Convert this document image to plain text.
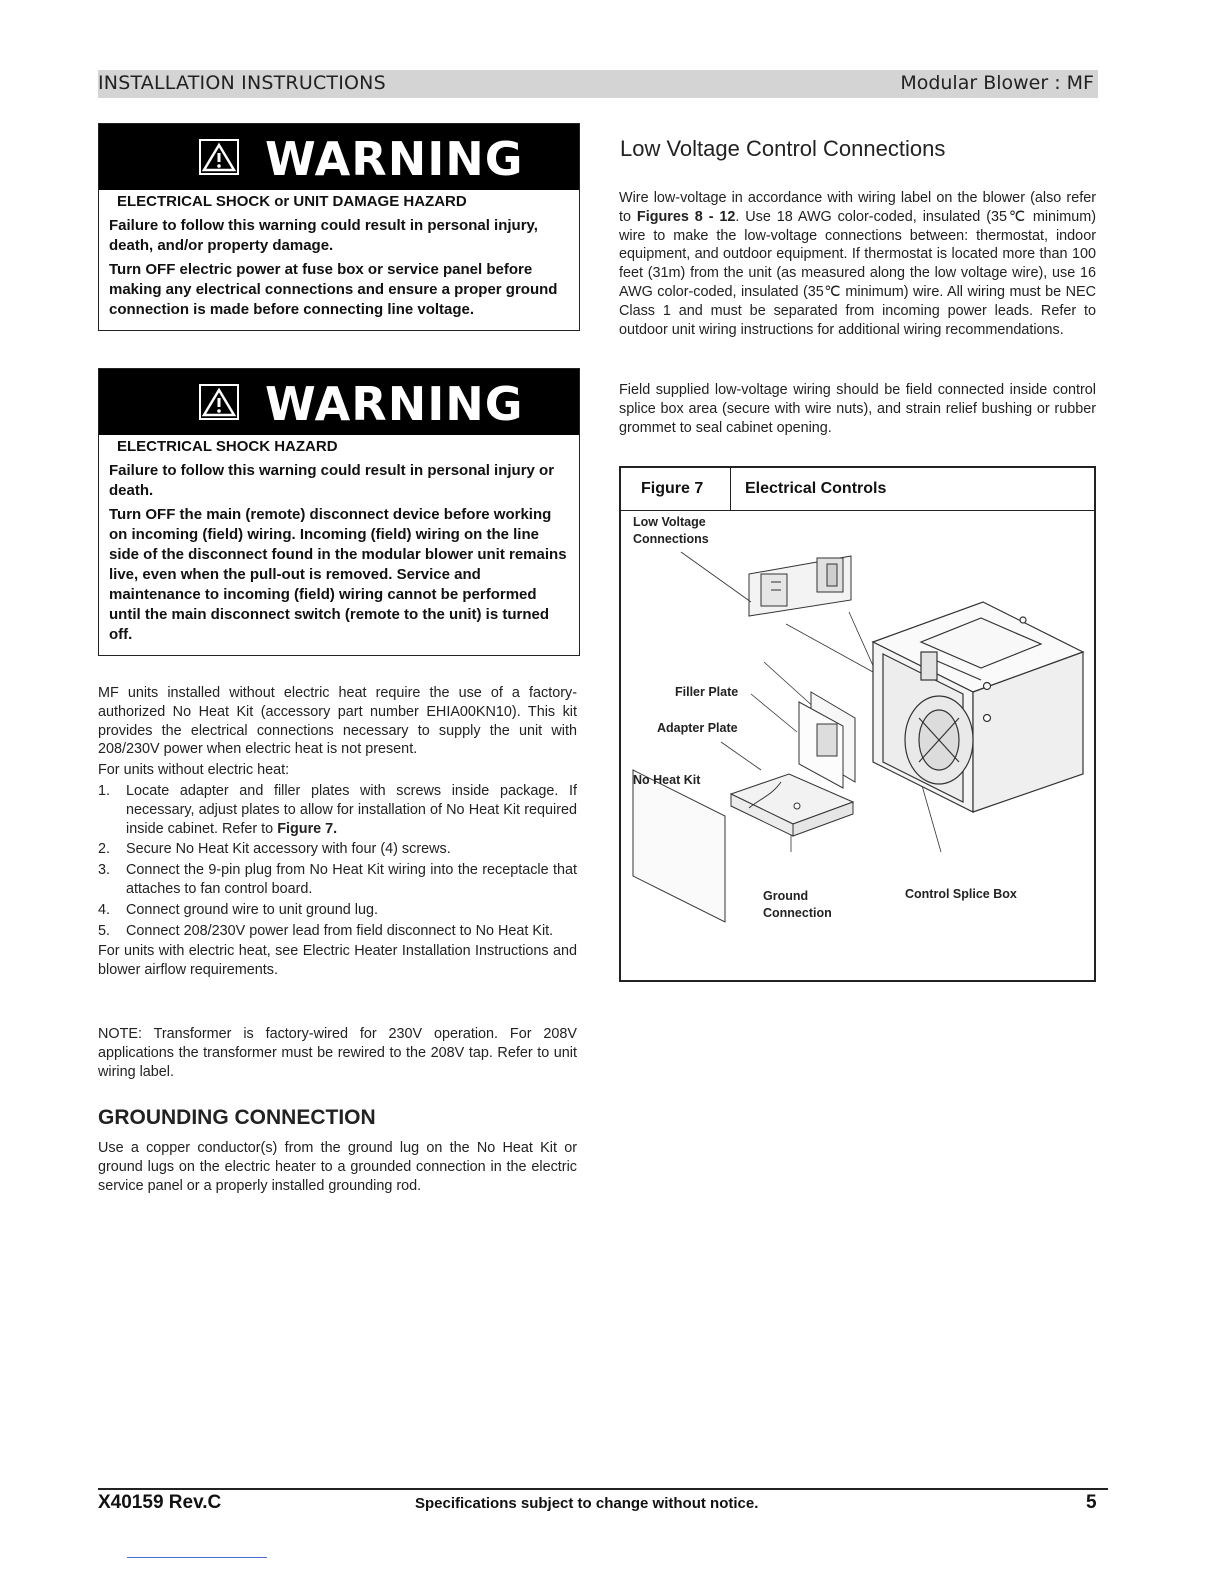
INSTALLATION INSTRUCTIONS	Modular Blower : MF
WARNING

ELECTRICAL SHOCK or UNIT DAMAGE HAZARD

Failure to follow this warning could result in personal injury, death, and/or property damage.

Turn OFF electric power at fuse box or service panel before making any electrical connections and ensure a proper ground connection is made before connecting line voltage.

WARNING

ELECTRICAL SHOCK HAZARD

Failure to follow this warning could result in personal injury or death.

Turn OFF the main (remote) disconnect device before working on incoming (field) wiring. Incoming (field) wiring on the line side of the disconnect found in the modular blower unit remains live, even when the pull-out is removed. Service and maintenance to incoming (field) wiring cannot be performed until the main disconnect switch (remote to the unit) is turned off.

MF units installed without electric heat require the use of a factory-authorized No Heat Kit (accessory part number EHIA00KN10). This kit provides the electrical connections necessary to supply the unit with 208/230V power when electric heat is not present.

For units without electric heat:

1. Locate adapter and filler plates with screws inside package. If necessary, adjust plates to allow for installation of No Heat Kit required inside cabinet. Refer to Figure 7.
2. Secure No Heat Kit accessory with four (4) screws.
3. Connect the 9-pin plug from No Heat Kit wiring into the receptacle that attaches to fan control board.
4. Connect ground wire to unit ground lug.
5. Connect 208/230V power lead from field disconnect to No Heat Kit.

For units with electric heat, see Electric Heater Installation Instructions and blower airflow requirements.

NOTE: Transformer is factory-wired for 230V operation. For 208V applications the transformer must be rewired to the 208V tap. Refer to unit wiring label.
GROUNDING CONNECTION
Use a copper conductor(s) from the ground lug on the No Heat Kit or ground lugs on the electric heater to a grounded connection in the electric service panel or a properly installed grounding rod.
Low Voltage Control Connections
Wire low-voltage in accordance with wiring label on the blower (also refer to Figures 8 - 12. Use 18 AWG color-coded, insulated (35℃ minimum) wire to make the low-voltage connections between: thermostat, indoor equipment, and outdoor equipment. If thermostat is located more than 100 feet (31m) from the unit (as measured along the low voltage wire), use 16 AWG color-coded, insulated (35℃ minimum) wire. All wiring must be NEC Class 1 and must be separated from incoming power leads. Refer to outdoor unit wiring instructions for additional wiring recommendations.
Field supplied low-voltage wiring should be field connected inside control splice box area (secure with wire nuts), and strain relief bushing or rubber grommet to seal cabinet opening.
Figure 7	Electrical Controls
Low Voltage
Connections
Filler Plate
Adapter Plate
No Heat Kit
Ground
Connection
Control Splice Box
X40159 Rev.C	Specifications subject to change without notice.	5
